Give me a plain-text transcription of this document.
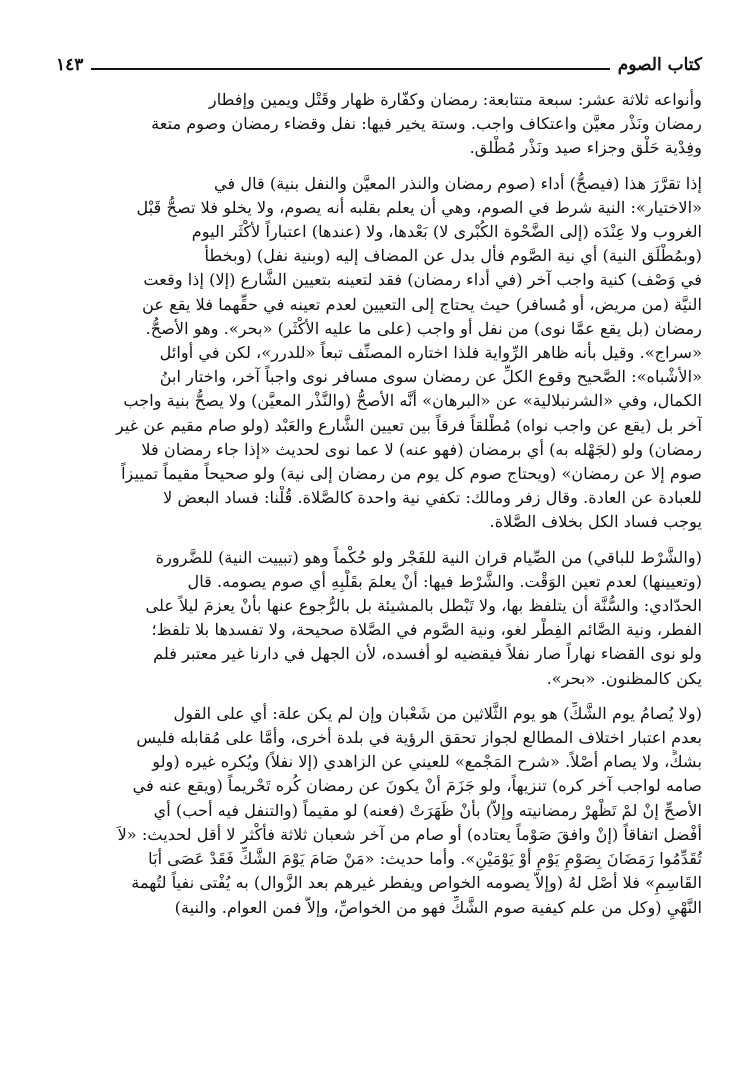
كتاب الصوم
١٤٣
وأنواعه ثلاثة عشر: سبعة متتابعة: رمضان وكفّارة ظهار وقَتْل ويمين وإفطار
رمضان ونَذْر معيَّن واعتكاف واجب. وستة يخير فيها: نفل وقضاء رمضان وصوم متعة
وفِدْية حَلْق وجزاء صيد ونَذْر مُطْلق.
إذا تقرَّرَ هذا (فيصحُّ) أداء (صوم رمضان والنذر المعيَّن والنفل بنية) قال في
«الاختيار»: النية شرط في الصوم، وهي أن يعلم بقلبه أنه يصوم، ولا يخلو فلا تصحُّ قَبْل
الغروب ولا عِنْدَه (إلى الضَّحْوة الكُبْرى لا) بَعْدها، ولا (عندها) اعتباراً لأكْثَر اليوم
(وبمُطْلَق النية) أي نية الصَّوم فأل بدل عن المضاف إليه (وبنية نفل) (وبخطأ
في وَصْف) كنية واجب آخر (في أداء رمضان) فقد لتعينه بتعيين الشَّارع (إلا) إذا وقعت
النيَّة (من مريض، أو مُسافر) حيث يحتاج إلى التعيين لعدم تعينه في حقِّهما فلا يقع عن
رمضان (بل يقع عمَّا نوى) من نفل أو واجب (على ما عليه الأكْثَر) «بحر». وهو الأصحُّ.
«سراج». وقيل بأنه ظاهر الرِّواية فلذا اختاره المصنِّف تبعاً «للدرر»، لكن في أوائل
«الأشْباه»: الصَّحيح وقوع الكلِّ عن رمضان سوى مسافر نوى واجباً آخر، واختار ابنُ
الكمال، وفي «الشرنبلالية» عن «البرهان» أنَّه الأصحُّ (والنَّذْر المعيَّن) ولا يصحُّ بنية واجب
آخر بل (يقع عن واجب نواه) مُطْلقاً فرقاً بين تعيين الشَّارع والعَبْد (ولو صام مقيم عن غير
رمضان) ولو (لجَهْله به) أي برمضان (فهو عنه) لا عما نوى لحديث «إذا جاء رمضان فلا
صوم إلا عن رمضان» (ويحتاج صوم كل يوم من رمضان إلى نية) ولو صحيحاً مقيماً تمييزاً
للعبادة عن العادة. وقال زفر ومالك: تكفي نية واحدة كالصَّلاة. قُلْنا: فساد البعض لا
يوجب فساد الكل بخلاف الصَّلاة.
(والشَّرْط للباقي) من الصِّيام قران النية للفَجْر ولو حُكْماً وهو (تبييت النية) للضَّرورة
(وتعيينها) لعدم تعين الوَقْت. والشَّرْط فيها: أنْ يعلمَ بقَلْبِهِ أي صوم يصومه. قال
الحدّادي: والسُّنَّة أن يتلفظ بها، ولا تَبْطل بالمشيئة بل بالرُّجوع عنها بأنْ يعزمَ ليلاً على
الفطر، ونية الصَّائم الفِطْر لغو، ونية الصَّوم في الصَّلاة صحيحة، ولا تفسدها بلا تلفظ؛
ولو نوى القضاء نهاراً صار نفلاً فيقضيه لو أفسده، لأن الجهل في دارنا غير معتبر فلم
يكن كالمظنون. «بحر».
(ولا يُصامُ يوم الشَّكِّ) هو يوم الثَّلاثين من شَعْبان وإن لم يكن علة: أي على القول
بعدم اعتبار اختلاف المطالع لجواز تحقق الرؤية في بلدة أخرى، وأمَّا على مُقابله فليس
بشكٍّ، ولا يصام أصْلاً. «شرح المَجْمع» للعيني عن الزاهدي (إلا نفلاً) ويُكره غيره (ولو
صامه لواجب آخر كره) تنزيهاً، ولو جَزَمَ أنْ يكونَ عن رمضان كُره تَحْريماً (ويقع عنه في
الأصحِّ إنْ لمْ تَظْهرْ رمضانيته وإلاَّ) بأنْ ظَهَرَتْ (فعنه) لو مقيماً (والتنفل فيه أحب) أي
أفْضل اتفاقاً (إنْ وافقَ صَوْماً يعتاده) أو صام من آخر شعبان ثلاثة فأكْثر لا أقل لحديث: «لاَ
تُقَدِّمُوا رَمَضَانَ بِصَوْمِ يَوْمٍ أوْ يَوْمَيْنِ». وأما حديث: «مَنْ صَامَ يَوْمَ الشَّكِّ فَقَدْ عَصَى أبَا
القَاسِمِ» فلا أصْل لهُ (وإلاّ يصومه الخواص ويفطر غيرهم بعد الزَّوال) به يُفْتى نفياً لتُهمة
النَّهْيِ (وكل من علم كيفية صوم الشَّكِّ فهو من الخواصِّ، وإلاَّ فمن العوام. والنية)
